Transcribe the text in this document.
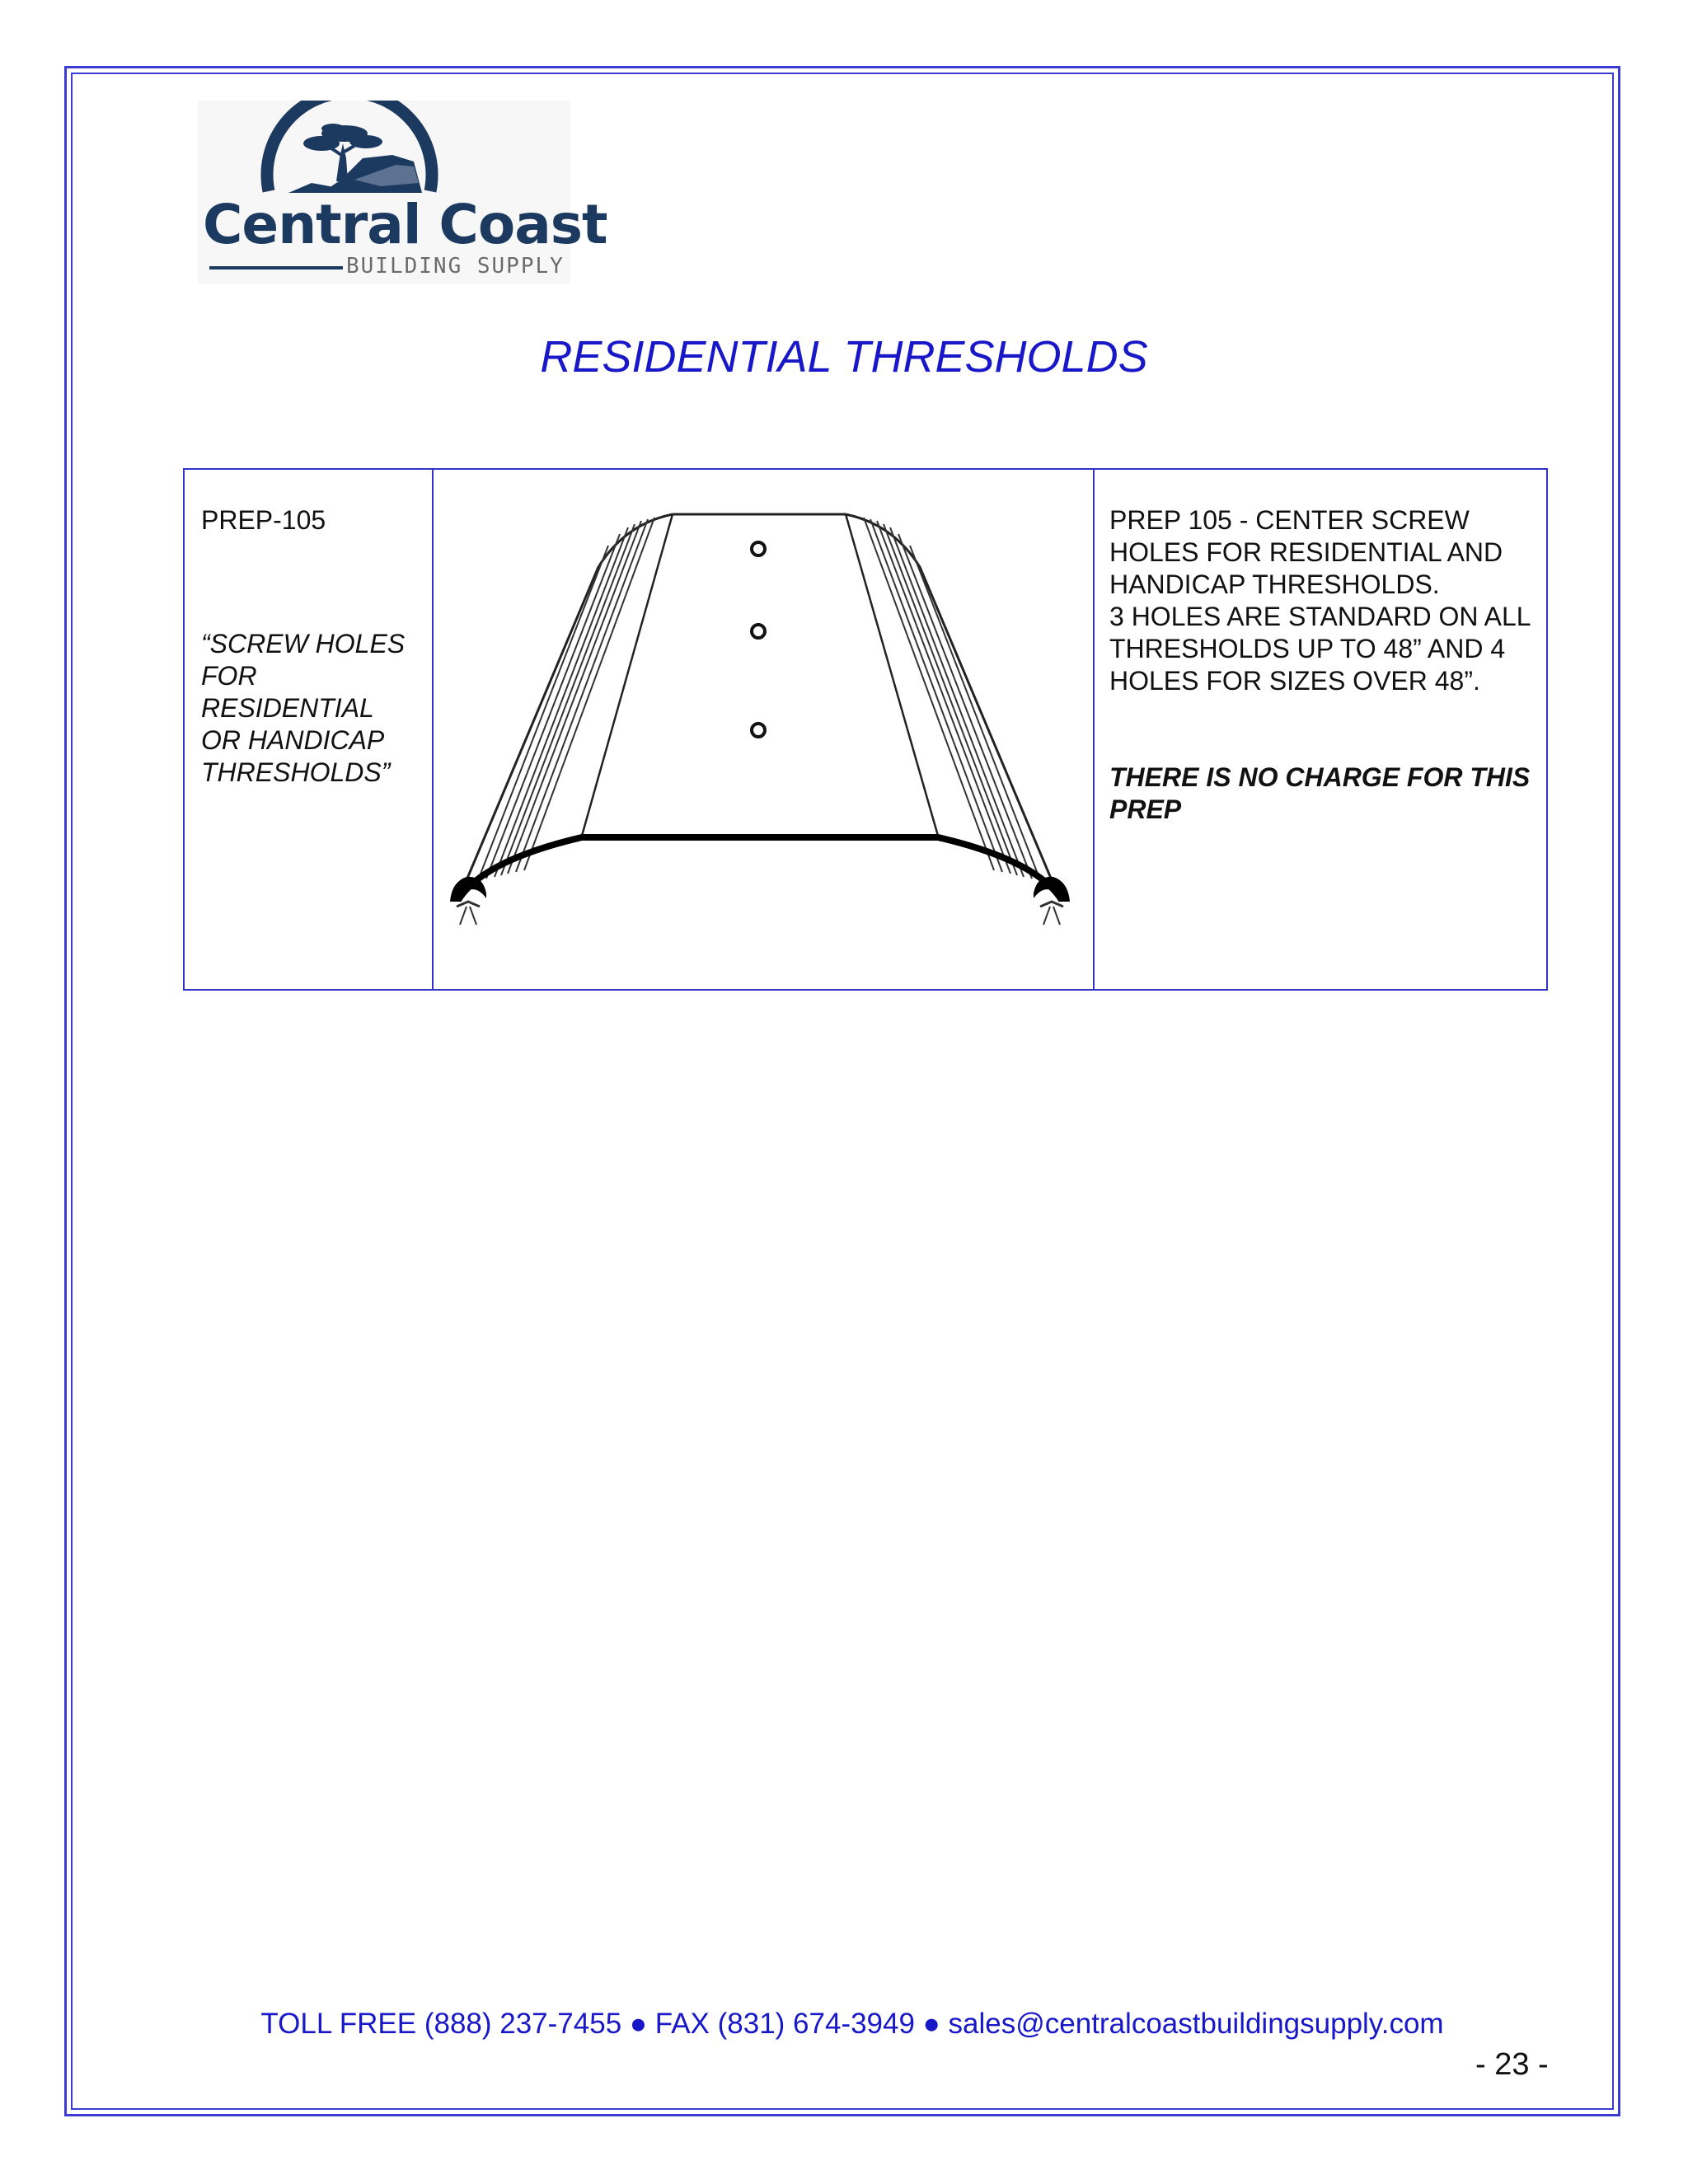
Central Coast
BUILDING SUPPLY
RESIDENTIAL THRESHOLDS

PREP-105

“SCREW HOLES FOR RESIDENTIAL OR HANDICAP THRESHOLDS”

PREP 105 - CENTER SCREW HOLES FOR RESIDENTIAL AND HANDICAP THRESHOLDS.
3 HOLES ARE STANDARD ON ALL THRESHOLDS UP TO 48” AND 4 HOLES FOR SIZES OVER 48”.

THERE IS NO CHARGE FOR THIS PREP

TOLL FREE (888) 237-7455 ● FAX (831) 674-3949 ● sales@centralcoastbuildingsupply.com
- 23 -
